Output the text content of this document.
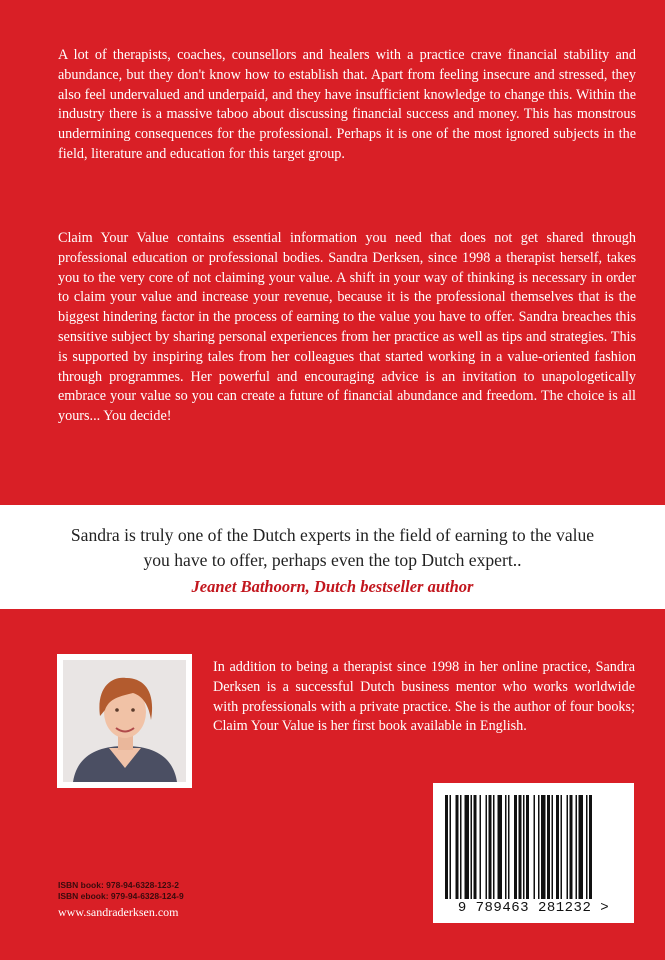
A lot of therapists, coaches, counsellors and healers with a practice crave financial stability and abundance, but they don't know how to establish that. Apart from feeling insecure and stressed, they also feel undervalued and underpaid, and they have insufficient knowledge to change this. Within the industry there is a massive taboo about discussing financial success and money. This has monstrous undermining consequences for the professional. Perhaps it is one of the most ignored subjects in the field, literature and education for this target group.

Claim Your Value contains essential information you need that does not get shared through professional education or professional bodies. Sandra Derksen, since 1998 a therapist herself, takes you to the very core of not claiming your value. A shift in your way of thinking is necessary in order to claim your value and increase your revenue, because it is the professional themselves that is the biggest hindering factor in the process of earning to the value you have to offer. Sandra breaches this sensitive subject by sharing personal experiences from her practice as well as tips and strategies. This is supported by inspiring tales from her colleagues that started working in a value-oriented fashion through programmes. Her powerful and encouraging advice is an invitation to unapologetically embrace your value so you can create a future of financial abundance and freedom. The choice is all yours... You decide!

Sandra is truly one of the Dutch experts in the field of earning to the value you have to offer, perhaps even the top Dutch expert..

Jeanet Bathoorn, Dutch bestseller author

In addition to being a therapist since 1998 in her online practice, Sandra Derksen is a successful Dutch business mentor who works worldwide with professionals with a private practice. She is the author of four books; Claim Your Value is her first book available in English.

9 789463 281232 >
ISBN book: 978-94-6328-123-2
ISBN ebook: 979-94-6328-124-9
www.sandraderksen.com
